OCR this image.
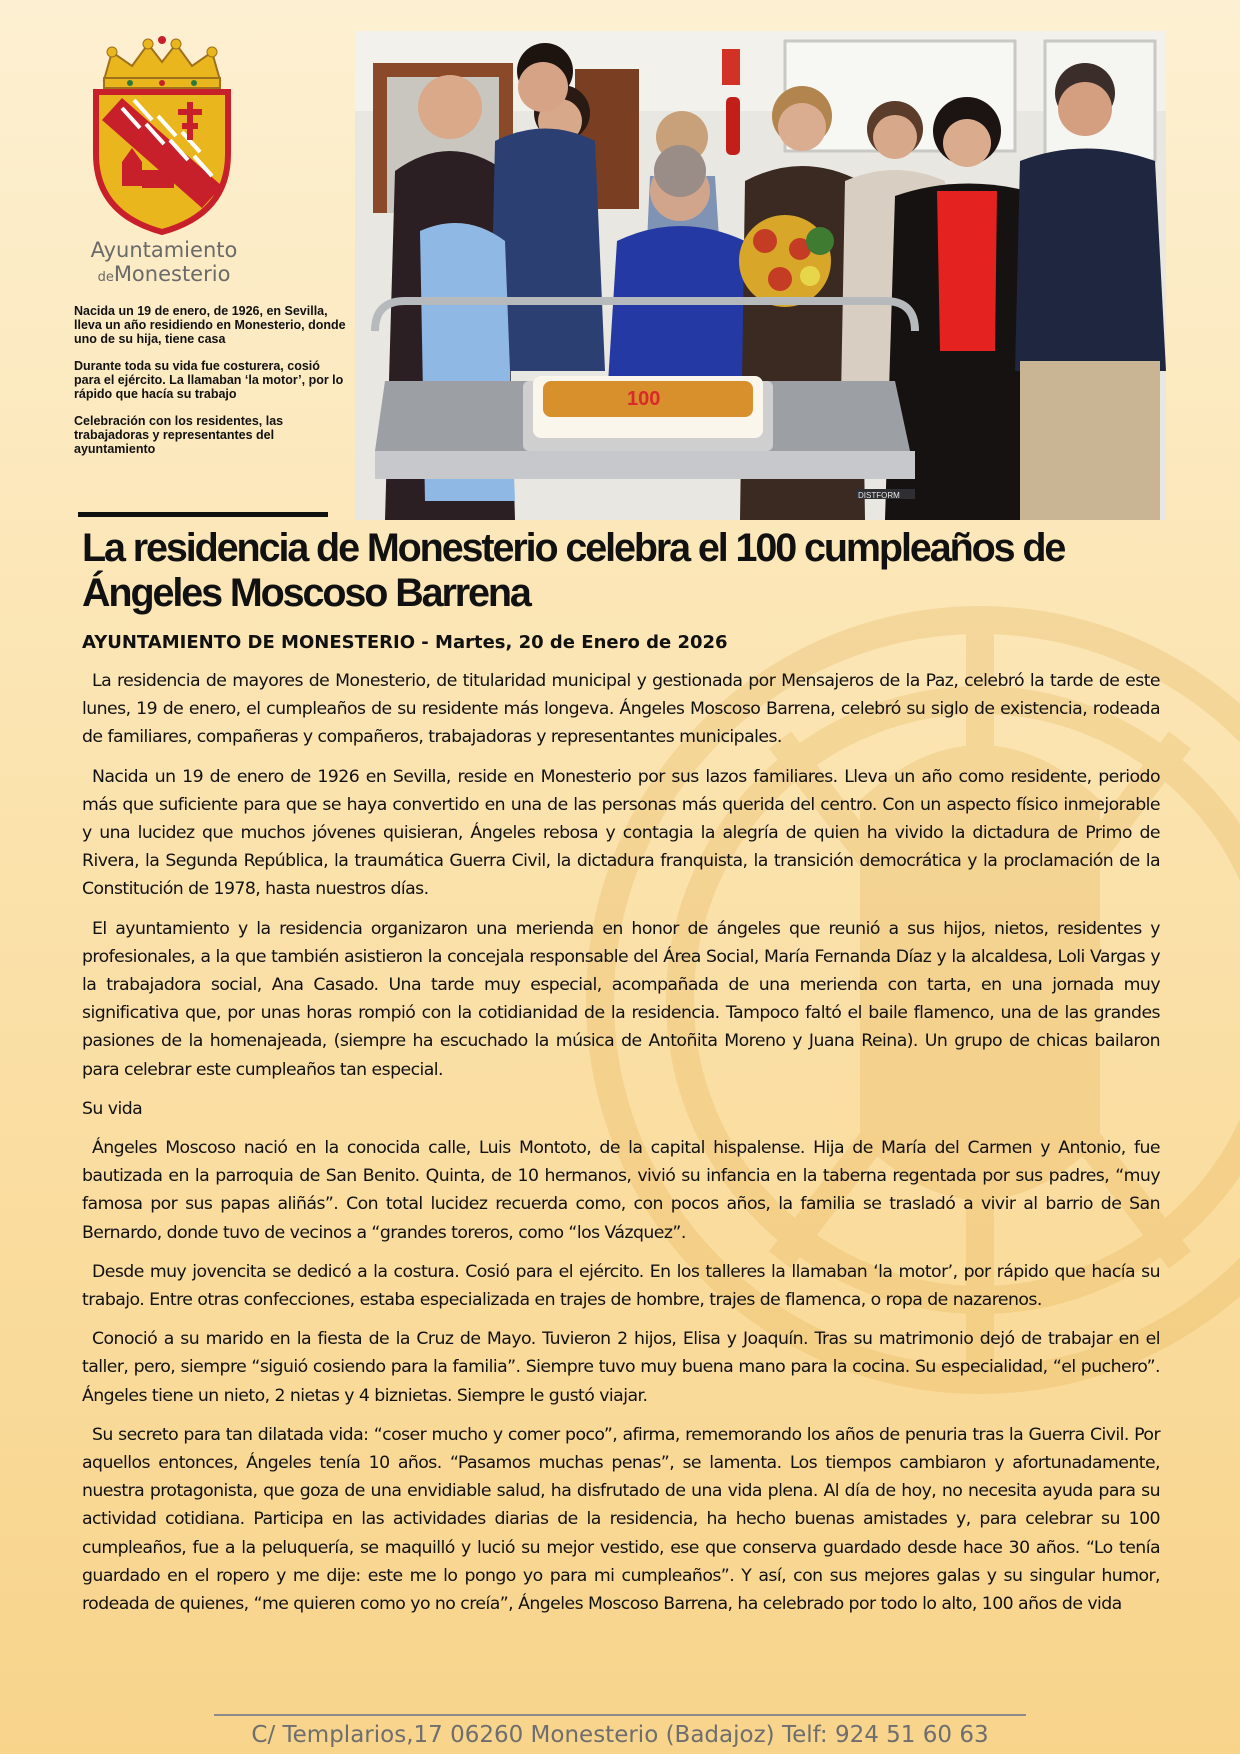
Ayuntamiento
deMonesterio

Nacida un 19 de enero, de 1926, en Sevilla, lleva un año residiendo en Monesterio, donde uno de su hija, tiene casa

Durante toda su vida fue costurera, cosió para el ejército. La llamaban ‘la motor’, por lo rápido que hacía su trabajo

Celebración con los residentes, las trabajadoras y representantes del ayuntamiento

DISTFORM
100
La residencia de Monesterio celebra el 100 cumpleaños de Ángeles Moscoso Barrena

AYUNTAMIENTO DE MONESTERIO - Martes, 20 de Enero de 2026

La residencia de mayores de Monesterio, de titularidad municipal y gestionada por Mensajeros de la Paz, celebró la tarde de este lunes, 19 de enero, el cumpleaños de su residente más longeva. Ángeles Moscoso Barrena, celebró su siglo de existencia, rodeada de familiares, compañeras y compañeros, trabajadoras y representantes municipales.

Nacida un 19 de enero de 1926 en Sevilla, reside en Monesterio por sus lazos familiares. Lleva un año como residente, periodo más que suficiente para que se haya convertido en una de las personas más querida del centro. Con un aspecto físico inmejorable y una lucidez que muchos jóvenes quisieran, Ángeles rebosa y contagia la alegría de quien ha vivido la dictadura de Primo de Rivera, la Segunda República, la traumática Guerra Civil, la dictadura franquista, la transición democrática y la proclamación de la Constitución de 1978, hasta nuestros días.

El ayuntamiento y la residencia organizaron una merienda en honor de ángeles que reunió a sus hijos, nietos, residentes y profesionales, a la que también asistieron la concejala responsable del Área Social, María Fernanda Díaz y la alcaldesa, Loli Vargas y la trabajadora social, Ana Casado. Una tarde muy especial, acompañada de una merienda con tarta, en una jornada muy significativa que, por unas horas rompió con la cotidianidad de la residencia. Tampoco faltó el baile flamenco, una de las grandes pasiones de la homenajeada, (siempre ha escuchado la música de Antoñita Moreno y Juana Reina). Un grupo de chicas bailaron para celebrar este cumpleaños tan especial.

Su vida

Ángeles Moscoso nació en la conocida calle, Luis Montoto, de la capital hispalense. Hija de María del Carmen y Antonio, fue bautizada en la parroquia de San Benito. Quinta, de 10 hermanos, vivió su infancia en la taberna regentada por sus padres, “muy famosa por sus papas aliñás”. Con total lucidez recuerda como, con pocos años, la familia se trasladó a vivir al barrio de San Bernardo, donde tuvo de vecinos a “grandes toreros, como “los Vázquez”.

Desde muy jovencita se dedicó a la costura. Cosió para el ejército. En los talleres la llamaban ‘la motor’, por rápido que hacía su trabajo. Entre otras confecciones, estaba especializada en trajes de hombre, trajes de flamenca, o ropa de nazarenos.

Conoció a su marido en la fiesta de la Cruz de Mayo. Tuvieron 2 hijos, Elisa y Joaquín. Tras su matrimonio dejó de trabajar en el taller, pero, siempre “siguió cosiendo para la familia”. Siempre tuvo muy buena mano para la cocina. Su especialidad, “el puchero”. Ángeles tiene un nieto, 2 nietas y 4 biznietas. Siempre le gustó viajar.

Su secreto para tan dilatada vida: “coser mucho y comer poco”, afirma, rememorando los años de penuria tras la Guerra Civil. Por aquellos entonces, Ángeles tenía 10 años. “Pasamos muchas penas”, se lamenta. Los tiempos cambiaron y afortunadamente, nuestra protagonista, que goza de una envidiable salud, ha disfrutado de una vida plena. Al día de hoy, no necesita ayuda para su actividad cotidiana. Participa en las actividades diarias de la residencia, ha hecho buenas amistades y, para celebrar su 100 cumpleaños, fue a la peluquería, se maquilló y lució su mejor vestido, ese que conserva guardado desde hace 30 años. “Lo tenía guardado en el ropero y me dije: este me lo pongo yo para mi cumpleaños”. Y así, con sus mejores galas y su singular humor, rodeada de quienes, “me quieren como yo no creía”, Ángeles Moscoso Barrena, ha celebrado por todo lo alto, 100 años de vida

C/ Templarios,17 06260 Monesterio (Badajoz) Telf: 924 51 60 63
